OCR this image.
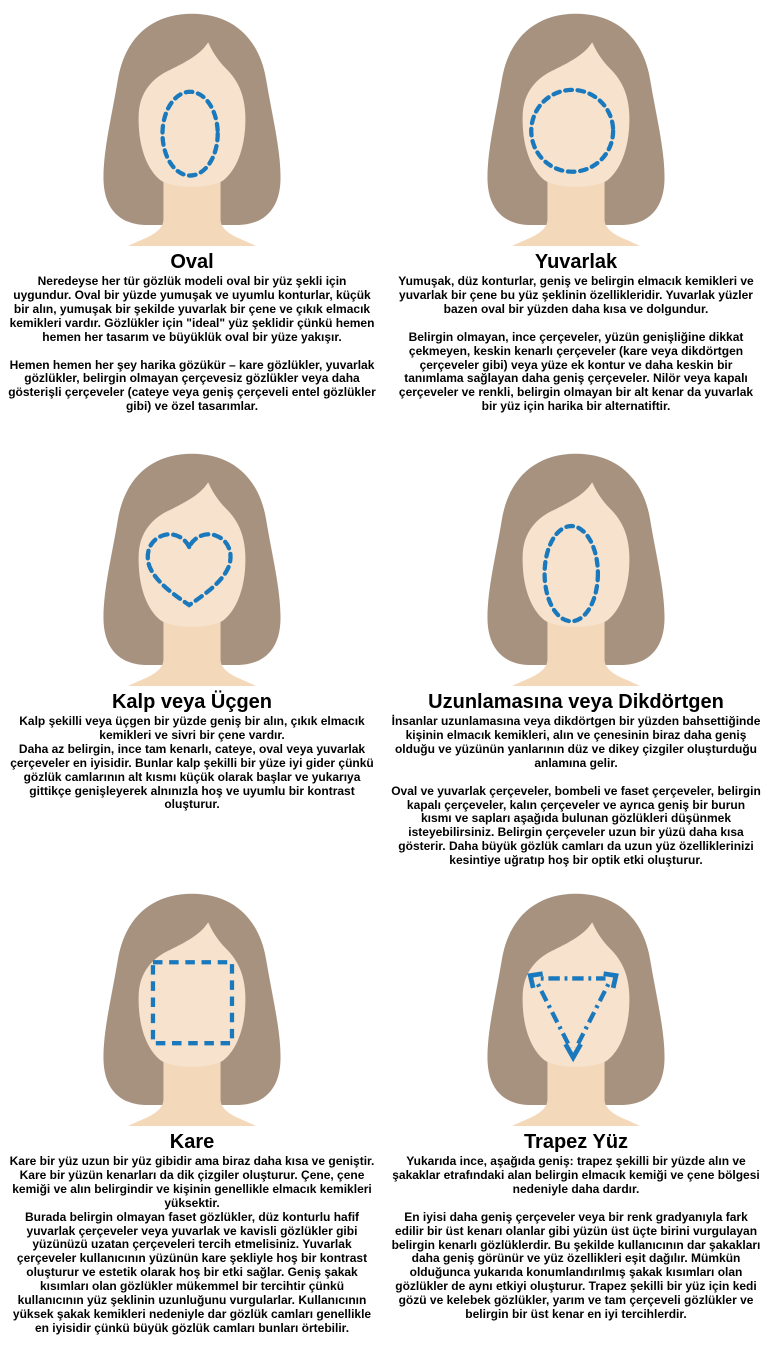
Oval

Neredeyse her tür gözlük modeli oval bir yüz şekli için uygundur. Oval bir yüzde yumuşak ve uyumlu konturlar, küçük bir alın, yumuşak bir şekilde yuvarlak bir çene ve çıkık elmacık kemikleri vardır. Gözlükler için "ideal" yüz şeklidir çünkü hemen hemen her tasarım ve büyüklük oval bir yüze yakışır.

Hemen hemen her şey harika gözükür – kare gözlükler, yuvarlak gözlükler, belirgin olmayan çerçevesiz gözlükler veya daha gösterişli çerçeveler (cateye veya geniş çerçeveli entel gözlükler gibi) ve özel tasarımlar.

Yuvarlak

Yumuşak, düz konturlar, geniş ve belirgin elmacık kemikleri ve yuvarlak bir çene bu yüz şeklinin özellikleridir. Yuvarlak yüzler bazen oval bir yüzden daha kısa ve dolgundur.

Belirgin olmayan, ince çerçeveler, yüzün genişliğine dikkat çekmeyen, keskin kenarlı çerçeveler (kare veya dikdörtgen çerçeveler gibi) veya yüze ek kontur ve daha keskin bir tanımlama sağlayan daha geniş çerçeveler. Nilör veya kapalı çerçeveler ve renkli, belirgin olmayan bir alt kenar da yuvarlak bir yüz için harika bir alternatiftir.

Kalp veya Üçgen

Kalp şekilli veya üçgen bir yüzde geniş bir alın, çıkık elmacık kemikleri ve sivri bir çene vardır.

Daha az belirgin, ince tam kenarlı, cateye, oval veya yuvarlak çerçeveler en iyisidir. Bunlar kalp şekilli bir yüze iyi gider çünkü gözlük camlarının alt kısmı küçük olarak başlar ve yukarıya gittikçe genişleyerek alnınızla hoş ve uyumlu bir kontrast oluşturur.

Uzunlamasına veya Dikdörtgen

İnsanlar uzunlamasına veya dikdörtgen bir yüzden bahsettiğinde kişinin elmacık kemikleri, alın ve çenesinin biraz daha geniş olduğu ve yüzünün yanlarının düz ve dikey çizgiler oluşturduğu anlamına gelir.

Oval ve yuvarlak çerçeveler, bombeli ve faset çerçeveler, belirgin kapalı çerçeveler, kalın çerçeveler ve ayrıca geniş bir burun kısmı ve sapları aşağıda bulunan gözlükleri düşünmek isteyebilirsiniz. Belirgin çerçeveler uzun bir yüzü daha kısa gösterir. Daha büyük gözlük camları da uzun yüz özelliklerinizi kesintiye uğratıp hoş bir optik etki oluşturur.

Kare

Kare bir yüz uzun bir yüz gibidir ama biraz daha kısa ve geniştir. Kare bir yüzün kenarları da dik çizgiler oluşturur. Çene, çene kemiği ve alın belirgindir ve kişinin genellikle elmacık kemikleri yüksektir.

Burada belirgin olmayan faset gözlükler, düz konturlu hafif yuvarlak çerçeveler veya yuvarlak ve kavisli gözlükler gibi yüzünüzü uzatan çerçeveleri tercih etmelisiniz. Yuvarlak çerçeveler kullanıcının yüzünün kare şekliyle hoş bir kontrast oluşturur ve estetik olarak hoş bir etki sağlar. Geniş şakak kısımları olan gözlükler mükemmel bir tercihtir çünkü kullanıcının yüz şeklinin uzunluğunu vurgularlar. Kullanıcının yüksek şakak kemikleri nedeniyle dar gözlük camları genellikle en iyisidir çünkü büyük gözlük camları bunları örtebilir.

Trapez Yüz

Yukarıda ince, aşağıda geniş: trapez şekilli bir yüzde alın ve şakaklar etrafındaki alan belirgin elmacık kemiği ve çene bölgesi nedeniyle daha dardır.

En iyisi daha geniş çerçeveler veya bir renk gradyanıyla fark edilir bir üst kenarı olanlar gibi yüzün üst üçte birini vurgulayan belirgin kenarlı gözlüklerdir. Bu şekilde kullanıcının dar şakakları daha geniş görünür ve yüz özellikleri eşit dağılır. Mümkün olduğunca yukarıda konumlandırılmış şakak kısımları olan gözlükler de aynı etkiyi oluşturur. Trapez şekilli bir yüz için kedi gözü ve kelebek gözlükler, yarım ve tam çerçeveli gözlükler ve belirgin bir üst kenar en iyi tercihlerdir.
